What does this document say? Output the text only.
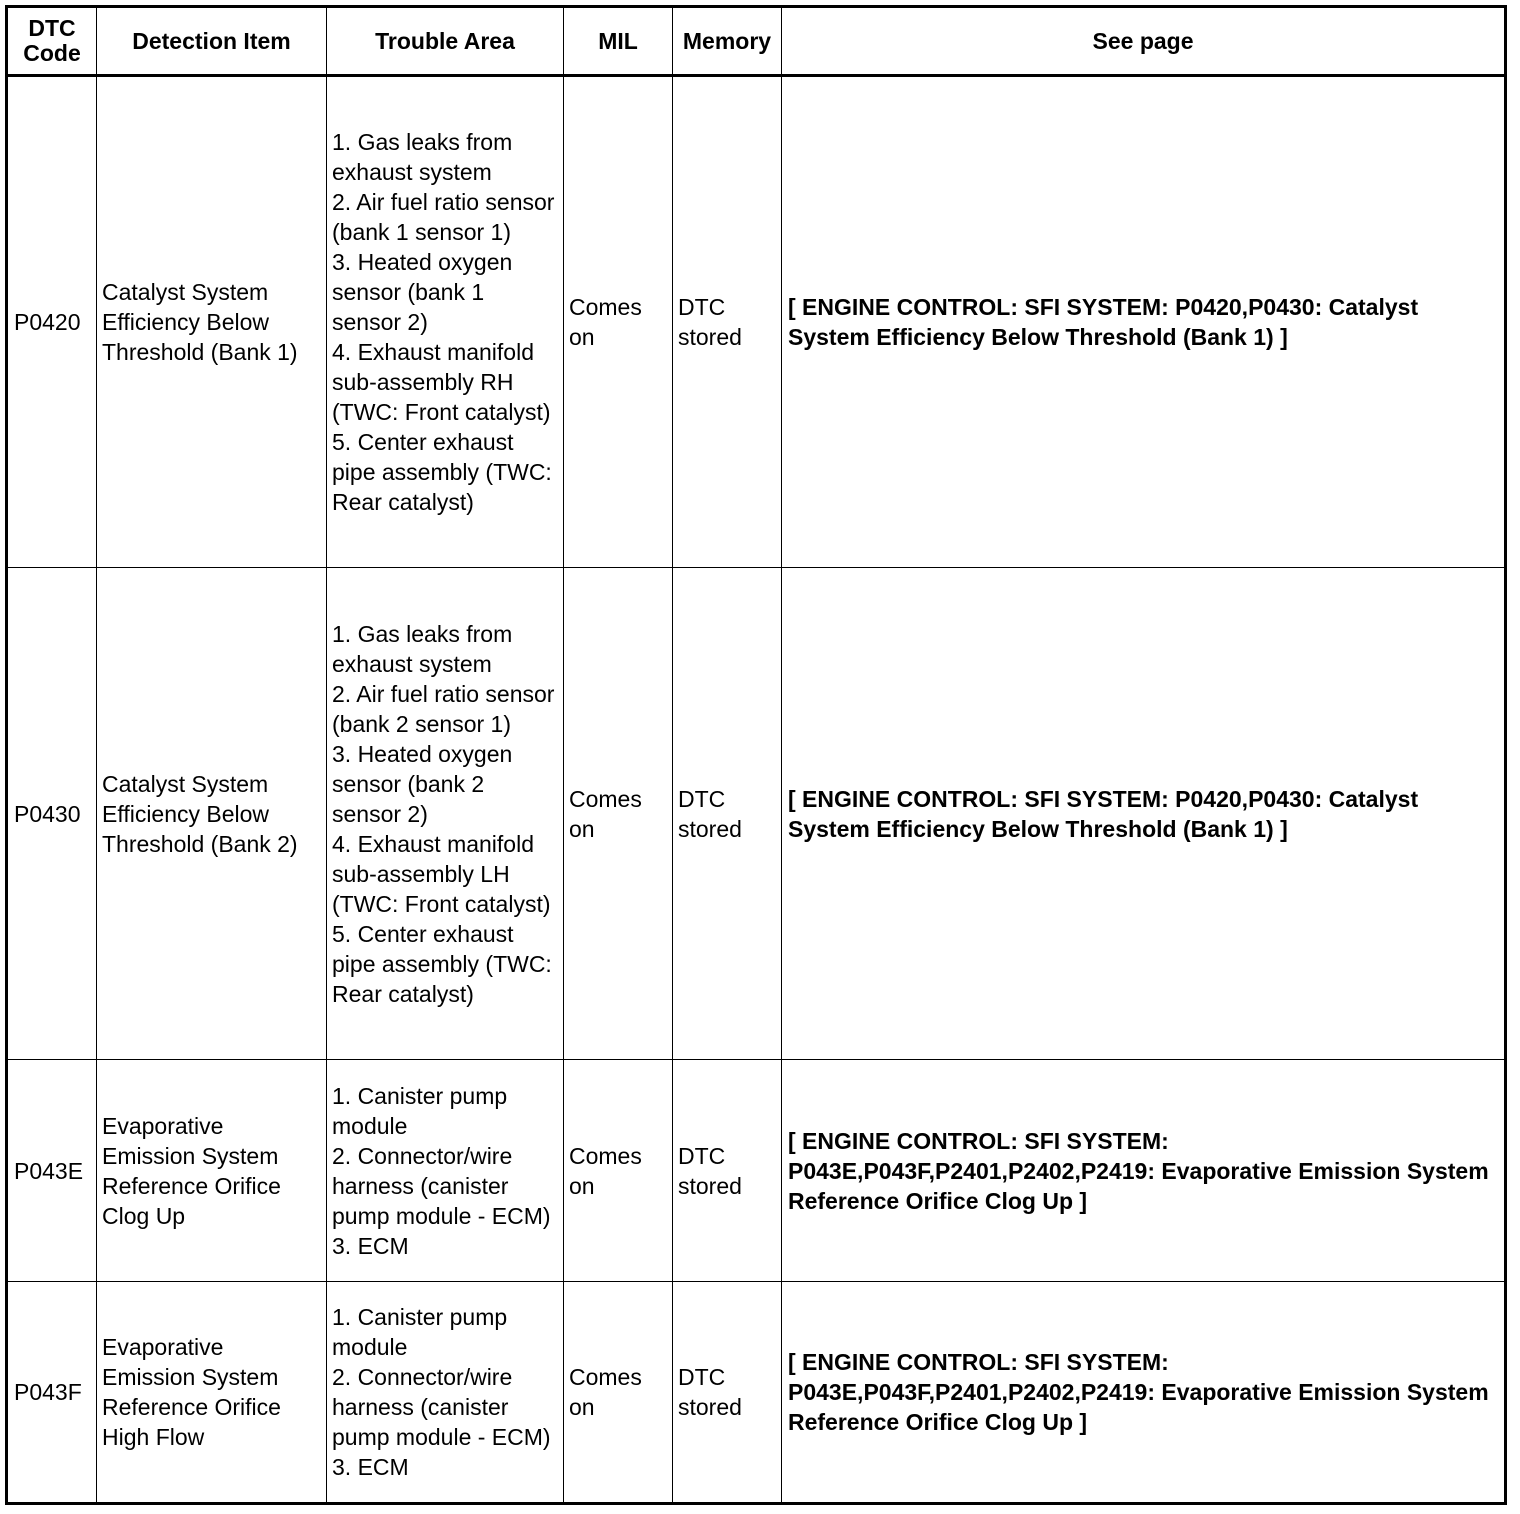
DTC
Code	Detection Item	Trouble Area	MIL	Memory	See page
P0420	Catalyst System Efficiency Below Threshold (Bank 1)	1. Gas leaks from exhaust system
2. Air fuel ratio sensor (bank 1 sensor 1)
3. Heated oxygen sensor (bank 1 sensor 2)
4. Exhaust manifold sub-assembly RH (TWC: Front catalyst)
5. Center exhaust pipe assembly (TWC: Rear catalyst)	Comes on	DTC stored	[ ENGINE CONTROL: SFI SYSTEM: P0420,P0430: Catalyst System Efficiency Below Threshold (Bank 1) ]
P0430	Catalyst System Efficiency Below Threshold (Bank 2)	1. Gas leaks from exhaust system
2. Air fuel ratio sensor (bank 2 sensor 1)
3. Heated oxygen sensor (bank 2 sensor 2)
4. Exhaust manifold sub-assembly LH (TWC: Front catalyst)
5. Center exhaust pipe assembly (TWC: Rear catalyst)	Comes on	DTC stored	[ ENGINE CONTROL: SFI SYSTEM: P0420,P0430: Catalyst System Efficiency Below Threshold (Bank 1) ]
P043E	Evaporative Emission System Reference Orifice Clog Up	1. Canister pump module
2. Connector/wire harness (canister pump module - ECM)
3. ECM	Comes on	DTC stored	[ ENGINE CONTROL: SFI SYSTEM: P043E,P043F,P2401,P2402,P2419: Evaporative Emission System Reference Orifice Clog Up ]
P043F	Evaporative Emission System Reference Orifice High Flow	1. Canister pump module
2. Connector/wire harness (canister pump module - ECM)
3. ECM	Comes on	DTC stored	[ ENGINE CONTROL: SFI SYSTEM: P043E,P043F,P2401,P2402,P2419: Evaporative Emission System Reference Orifice Clog Up ]
